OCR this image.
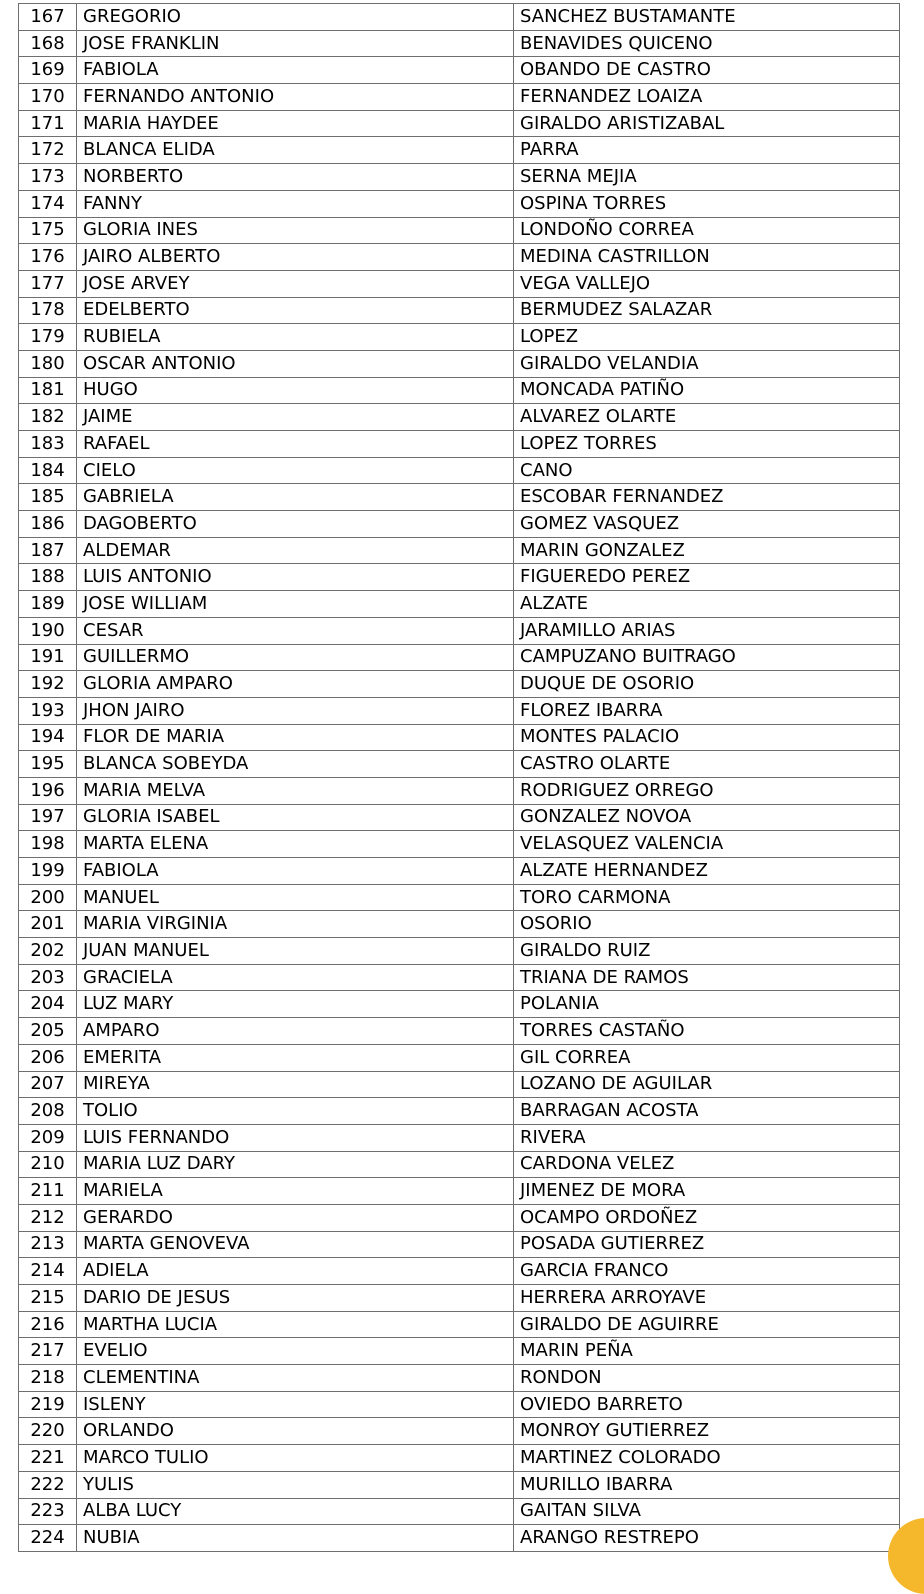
167	GREGORIO	SANCHEZ BUSTAMANTE
168	JOSE FRANKLIN	BENAVIDES QUICENO
169	FABIOLA	OBANDO DE CASTRO
170	FERNANDO ANTONIO	FERNANDEZ LOAIZA
171	MARIA HAYDEE	GIRALDO ARISTIZABAL
172	BLANCA ELIDA	PARRA
173	NORBERTO	SERNA MEJIA
174	FANNY	OSPINA TORRES
175	GLORIA INES	LONDOÑO CORREA
176	JAIRO ALBERTO	MEDINA CASTRILLON
177	JOSE ARVEY	VEGA VALLEJO
178	EDELBERTO	BERMUDEZ SALAZAR
179	RUBIELA	LOPEZ
180	OSCAR ANTONIO	GIRALDO VELANDIA
181	HUGO	MONCADA PATIÑO
182	JAIME	ALVAREZ OLARTE
183	RAFAEL	LOPEZ TORRES
184	CIELO	CANO
185	GABRIELA	ESCOBAR FERNANDEZ
186	DAGOBERTO	GOMEZ VASQUEZ
187	ALDEMAR	MARIN GONZALEZ
188	LUIS ANTONIO	FIGUEREDO PEREZ
189	JOSE WILLIAM	ALZATE
190	CESAR	JARAMILLO ARIAS
191	GUILLERMO	CAMPUZANO BUITRAGO
192	GLORIA AMPARO	DUQUE DE OSORIO
193	JHON JAIRO	FLOREZ IBARRA
194	FLOR DE MARIA	MONTES PALACIO
195	BLANCA SOBEYDA	CASTRO OLARTE
196	MARIA MELVA	RODRIGUEZ ORREGO
197	GLORIA ISABEL	GONZALEZ NOVOA
198	MARTA ELENA	VELASQUEZ VALENCIA
199	FABIOLA	ALZATE HERNANDEZ
200	MANUEL	TORO CARMONA
201	MARIA VIRGINIA	OSORIO
202	JUAN MANUEL	GIRALDO RUIZ
203	GRACIELA	TRIANA DE RAMOS
204	LUZ MARY	POLANIA
205	AMPARO	TORRES CASTAÑO
206	EMERITA	GIL CORREA
207	MIREYA	LOZANO DE AGUILAR
208	TOLIO	BARRAGAN ACOSTA
209	LUIS FERNANDO	RIVERA
210	MARIA LUZ DARY	CARDONA VELEZ
211	MARIELA	JIMENEZ DE MORA
212	GERARDO	OCAMPO ORDOÑEZ
213	MARTA GENOVEVA	POSADA GUTIERREZ
214	ADIELA	GARCIA FRANCO
215	DARIO DE JESUS	HERRERA ARROYAVE
216	MARTHA LUCIA	GIRALDO DE AGUIRRE
217	EVELIO	MARIN PEÑA
218	CLEMENTINA	RONDON
219	ISLENY	OVIEDO BARRETO
220	ORLANDO	MONROY GUTIERREZ
221	MARCO TULIO	MARTINEZ COLORADO
222	YULIS	MURILLO IBARRA
223	ALBA LUCY	GAITAN SILVA
224	NUBIA	ARANGO RESTREPO
